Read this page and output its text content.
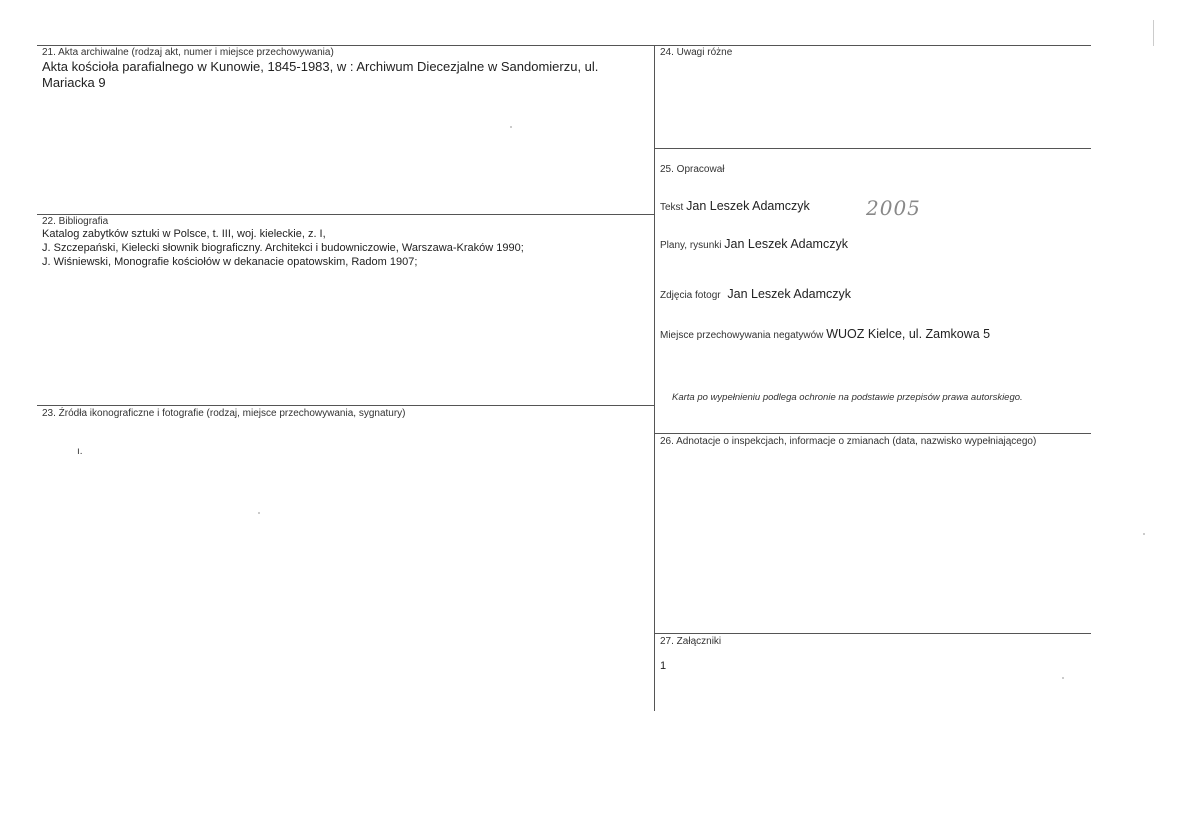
21. Akta archiwalne (rodzaj akt, numer i miejsce przechowywania)
Akta kościoła parafialnego w Kunowie, 1845-1983, w : Archiwum Diecezjalne w Sandomierzu, ul.
Mariacka 9
22. Bibliografia
Katalog zabytków sztuki w Polsce, t. III, woj. kieleckie, z. I,
J. Szczepański, Kielecki słownik biograficzny. Architekci i budowniczowie, Warszawa-Kraków 1990;
J. Wiśniewski, Monografie kościołów w dekanacie opatowskim, Radom 1907;
23. Źródła ikonograficzne i fotografie (rodzaj, miejsce przechowywania, sygnatury)
ı.
24. Uwagi różne
25. Opracował
Tekst Jan Leszek Adamczyk	2005
Plany, rysunki Jan Leszek Adamczyk
Zdjęcia fotogr Jan Leszek Adamczyk
Miejsce przechowywania negatywów WUOZ Kielce, ul. Zamkowa 5
Karta po wypełnieniu podlega ochronie na podstawie przepisów prawa autorskiego.
26. Adnotacje o inspekcjach, informacje o zmianach (data, nazwisko wypełniającego)
27. Załączniki
1
